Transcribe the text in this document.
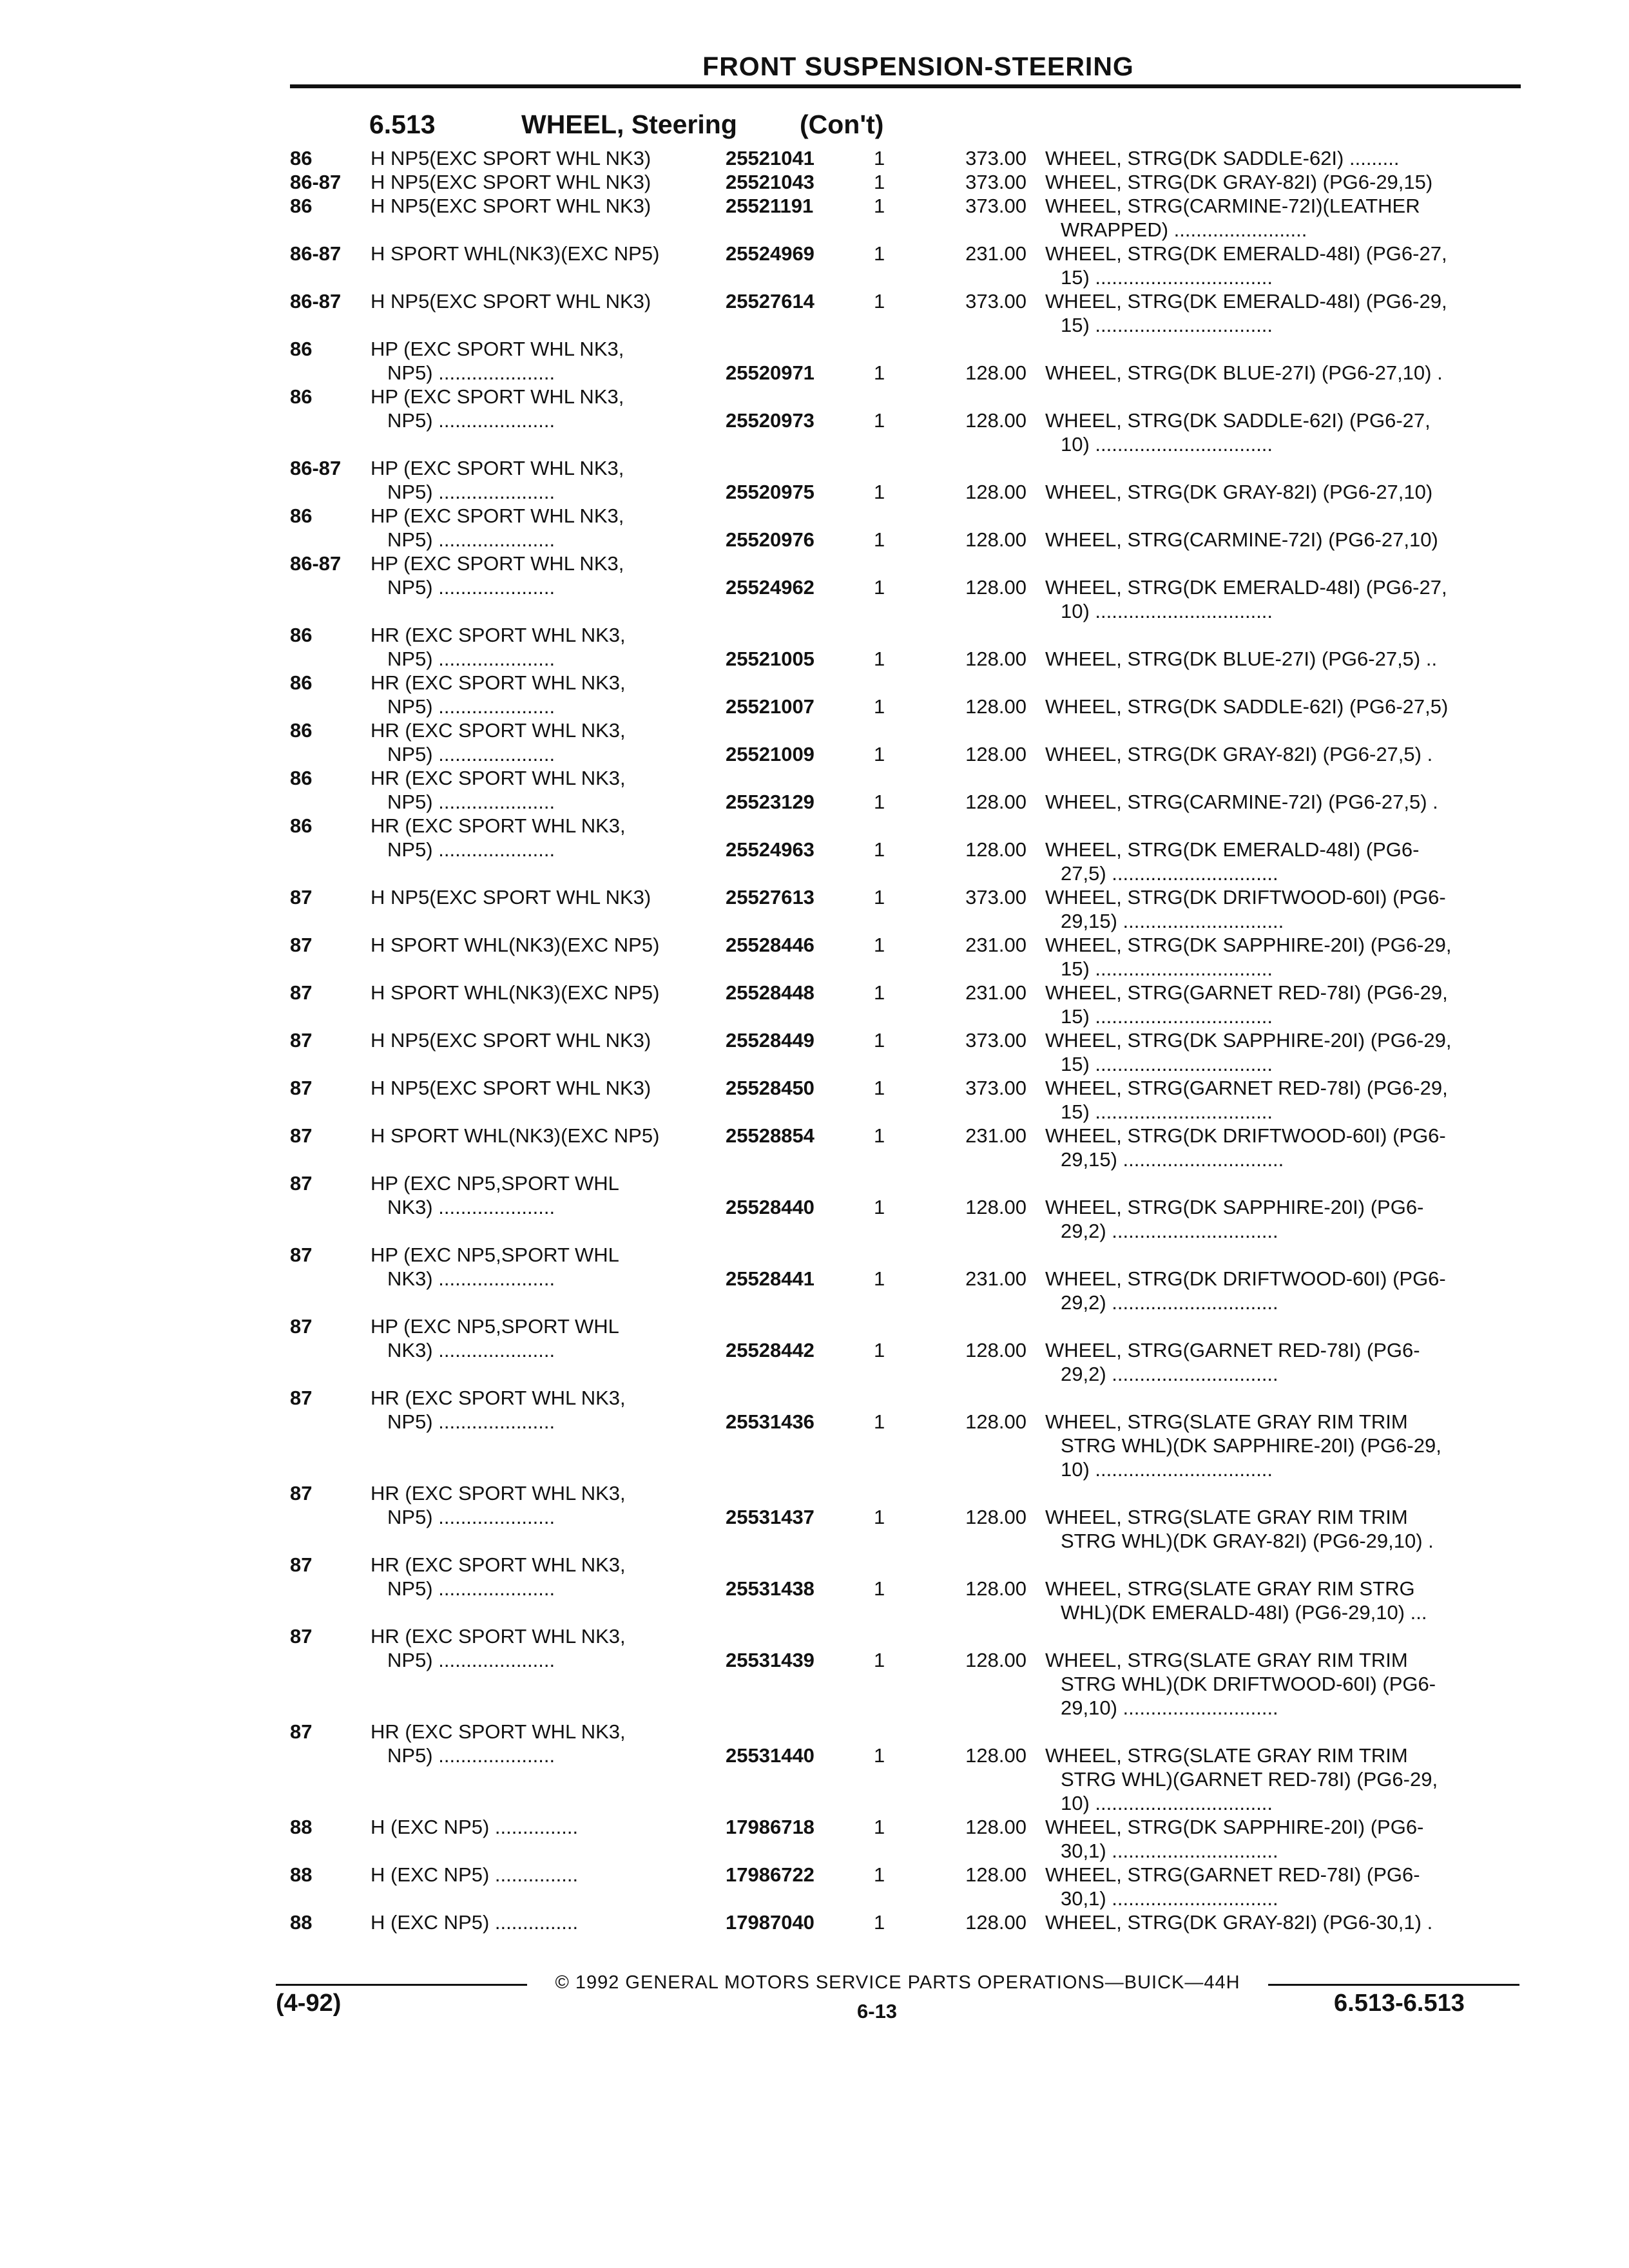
FRONT SUSPENSION-STEERING
6.513	WHEEL, Steering (Con't)
86	H NP5(EXC SPORT WHL NK3)	25521041	1	373.00 WHEEL, STRG(DK SADDLE-62I) .........
86-87 H NP5(EXC SPORT WHL NK3)	25521043	1	373.00 WHEEL, STRG(DK GRAY-82I) (PG6-29,15)
86	H NP5(EXC SPORT WHL NK3)	25521191	1	373.00 WHEEL, STRG(CARMINE-72I)(LEATHER
WRAPPED) ........................
86-87 H SPORT WHL(NK3)(EXC NP5)	25524969	1	231.00 WHEEL, STRG(DK EMERALD-48I) (PG6-27,
15) ................................
86-87 H NP5(EXC SPORT WHL NK3)	25527614	1	373.00 WHEEL, STRG(DK EMERALD-48I) (PG6-29,
15) ................................
86	HP (EXC SPORT WHL NK3,
NP5) .....................	25520971	1	128.00 WHEEL, STRG(DK BLUE-27I) (PG6-27,10) .
86	HP (EXC SPORT WHL NK3,
NP5) .....................	25520973	1	128.00 WHEEL, STRG(DK SADDLE-62I) (PG6-27,
10) ................................
86-87 HP (EXC SPORT WHL NK3,
NP5) .....................	25520975	1	128.00 WHEEL, STRG(DK GRAY-82I) (PG6-27,10)
86	HP (EXC SPORT WHL NK3,
NP5) .....................	25520976	1	128.00 WHEEL, STRG(CARMINE-72I) (PG6-27,10)
86-87 HP (EXC SPORT WHL NK3,
NP5) .....................	25524962	1	128.00 WHEEL, STRG(DK EMERALD-48I) (PG6-27,
10) ................................
86	HR (EXC SPORT WHL NK3,
NP5) .....................	25521005	1	128.00 WHEEL, STRG(DK BLUE-27I) (PG6-27,5) ..
86	HR (EXC SPORT WHL NK3,
NP5) .....................	25521007	1	128.00 WHEEL, STRG(DK SADDLE-62I) (PG6-27,5)
86	HR (EXC SPORT WHL NK3,
NP5) .....................	25521009	1	128.00 WHEEL, STRG(DK GRAY-82I) (PG6-27,5) .
86	HR (EXC SPORT WHL NK3,
NP5) .....................	25523129	1	128.00 WHEEL, STRG(CARMINE-72I) (PG6-27,5) .
86	HR (EXC SPORT WHL NK3,
NP5) .....................	25524963	1	128.00 WHEEL, STRG(DK EMERALD-48I) (PG6-
27,5) ..............................
87	H NP5(EXC SPORT WHL NK3)	25527613	1	373.00 WHEEL, STRG(DK DRIFTWOOD-60I) (PG6-
29,15) .............................
87	H SPORT WHL(NK3)(EXC NP5)	25528446	1	231.00 WHEEL, STRG(DK SAPPHIRE-20I) (PG6-29,
15) ................................
87	H SPORT WHL(NK3)(EXC NP5)	25528448	1	231.00 WHEEL, STRG(GARNET RED-78I) (PG6-29,
15) ................................
87	H NP5(EXC SPORT WHL NK3)	25528449	1	373.00 WHEEL, STRG(DK SAPPHIRE-20I) (PG6-29,
15) ................................
87	H NP5(EXC SPORT WHL NK3)	25528450	1	373.00 WHEEL, STRG(GARNET RED-78I) (PG6-29,
15) ................................
87	H SPORT WHL(NK3)(EXC NP5)	25528854	1	231.00 WHEEL, STRG(DK DRIFTWOOD-60I) (PG6-
29,15) .............................
87	HP (EXC NP5,SPORT WHL
NK3) .....................	25528440	1	128.00 WHEEL, STRG(DK SAPPHIRE-20I) (PG6-
29,2) ..............................
87	HP (EXC NP5,SPORT WHL
NK3) .....................	25528441	1	231.00 WHEEL, STRG(DK DRIFTWOOD-60I) (PG6-
29,2) ..............................
87	HP (EXC NP5,SPORT WHL
NK3) .....................	25528442	1	128.00 WHEEL, STRG(GARNET RED-78I) (PG6-
29,2) ..............................
87	HR (EXC SPORT WHL NK3,
NP5) .....................	25531436	1	128.00 WHEEL, STRG(SLATE GRAY RIM TRIM
STRG WHL)(DK SAPPHIRE-20I) (PG6-29,
10) ................................
87	HR (EXC SPORT WHL NK3,
NP5) .....................	25531437	1	128.00 WHEEL, STRG(SLATE GRAY RIM TRIM
STRG WHL)(DK GRAY-82I) (PG6-29,10) .
87	HR (EXC SPORT WHL NK3,
NP5) .....................	25531438	1	128.00 WHEEL, STRG(SLATE GRAY RIM STRG
WHL)(DK EMERALD-48I) (PG6-29,10) ...
87	HR (EXC SPORT WHL NK3,
NP5) .....................	25531439	1	128.00 WHEEL, STRG(SLATE GRAY RIM TRIM
STRG WHL)(DK DRIFTWOOD-60I) (PG6-
29,10) ............................
87	HR (EXC SPORT WHL NK3,
NP5) .....................	25531440	1	128.00 WHEEL, STRG(SLATE GRAY RIM TRIM
STRG WHL)(GARNET RED-78I) (PG6-29,
10) ................................
88	H (EXC NP5) ...............	17986718	1	128.00 WHEEL, STRG(DK SAPPHIRE-20I) (PG6-
30,1) ..............................
88	H (EXC NP5) ...............	17986722	1	128.00 WHEEL, STRG(GARNET RED-78I) (PG6-
30,1) ..............................
88	H (EXC NP5) ...............	17987040	1	128.00 WHEEL, STRG(DK GRAY-82I) (PG6-30,1) .
© 1992 GENERAL MOTORS SERVICE PARTS OPERATIONS—BUICK—44H
(4-92)	6-13	6.513-6.513
